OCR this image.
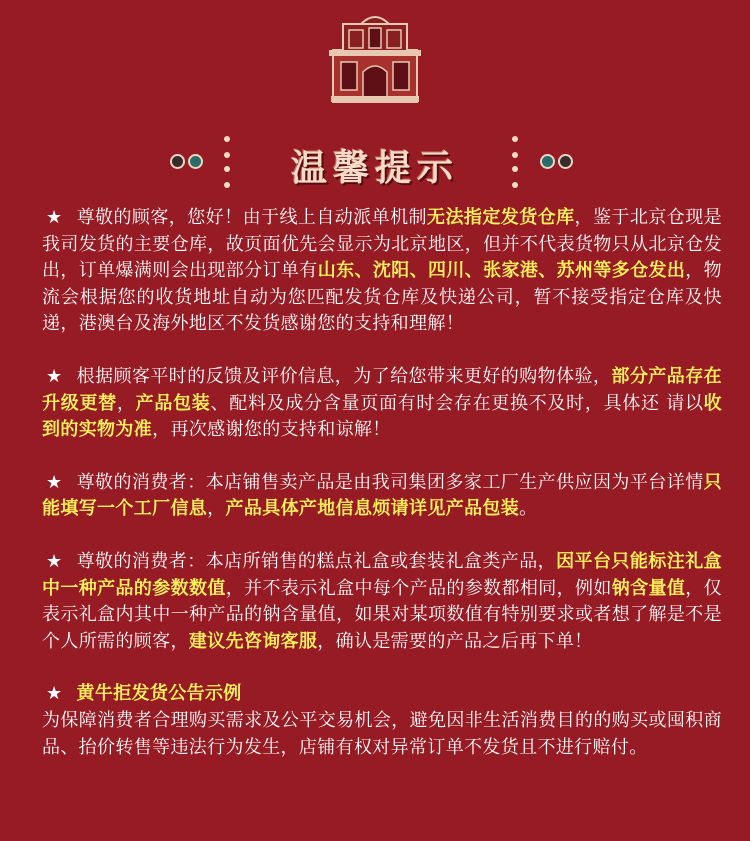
温馨提示

★ 尊敬的顾客，您好！由于线上自动派单机制无法指定发货仓库，鉴于北京仓现是我司发货的主要仓库，故页面优先会显示为北京地区，但并不代表货物只从北京仓发出，订单爆满则会出现部分订单有山东、沈阳、四川、张家港、苏州等多仓发出，物流会根据您的收货地址自动为您匹配发货仓库及快递公司，暂不接受指定仓库及快递，港澳台及海外地区不发货感谢您的支持和理解！

★ 根据顾客平时的反馈及评价信息，为了给您带来更好的购物体验，部分产品存在升级更替，产品包装、配料及成分含量页面有时会存在更换不及时，具体还 请以收到的实物为准，再次感谢您的支持和谅解！

★ 尊敬的消费者：本店铺售卖产品是由我司集团多家工厂生产供应因为平台详情只能填写一个工厂信息，产品具体产地信息烦请详见产品包装。

★ 尊敬的消费者：本店所销售的糕点礼盒或套装礼盒类产品，因平台只能标注礼盒中一种产品的参数数值，并不表示礼盒中每个产品的参数都相同，例如钠含量值，仅表示礼盒内其中一种产品的钠含量值，如果对某项数值有特别要求或者想了解是不是个人所需的顾客，建议先咨询客服，确认是需要的产品之后再下单！

★ 黄牛拒发货公告示例
为保障消费者合理购买需求及公平交易机会，避免因非生活消费目的的购买或囤积商品、抬价转售等违法行为发生，店铺有权对异常订单不发货且不进行赔付。
